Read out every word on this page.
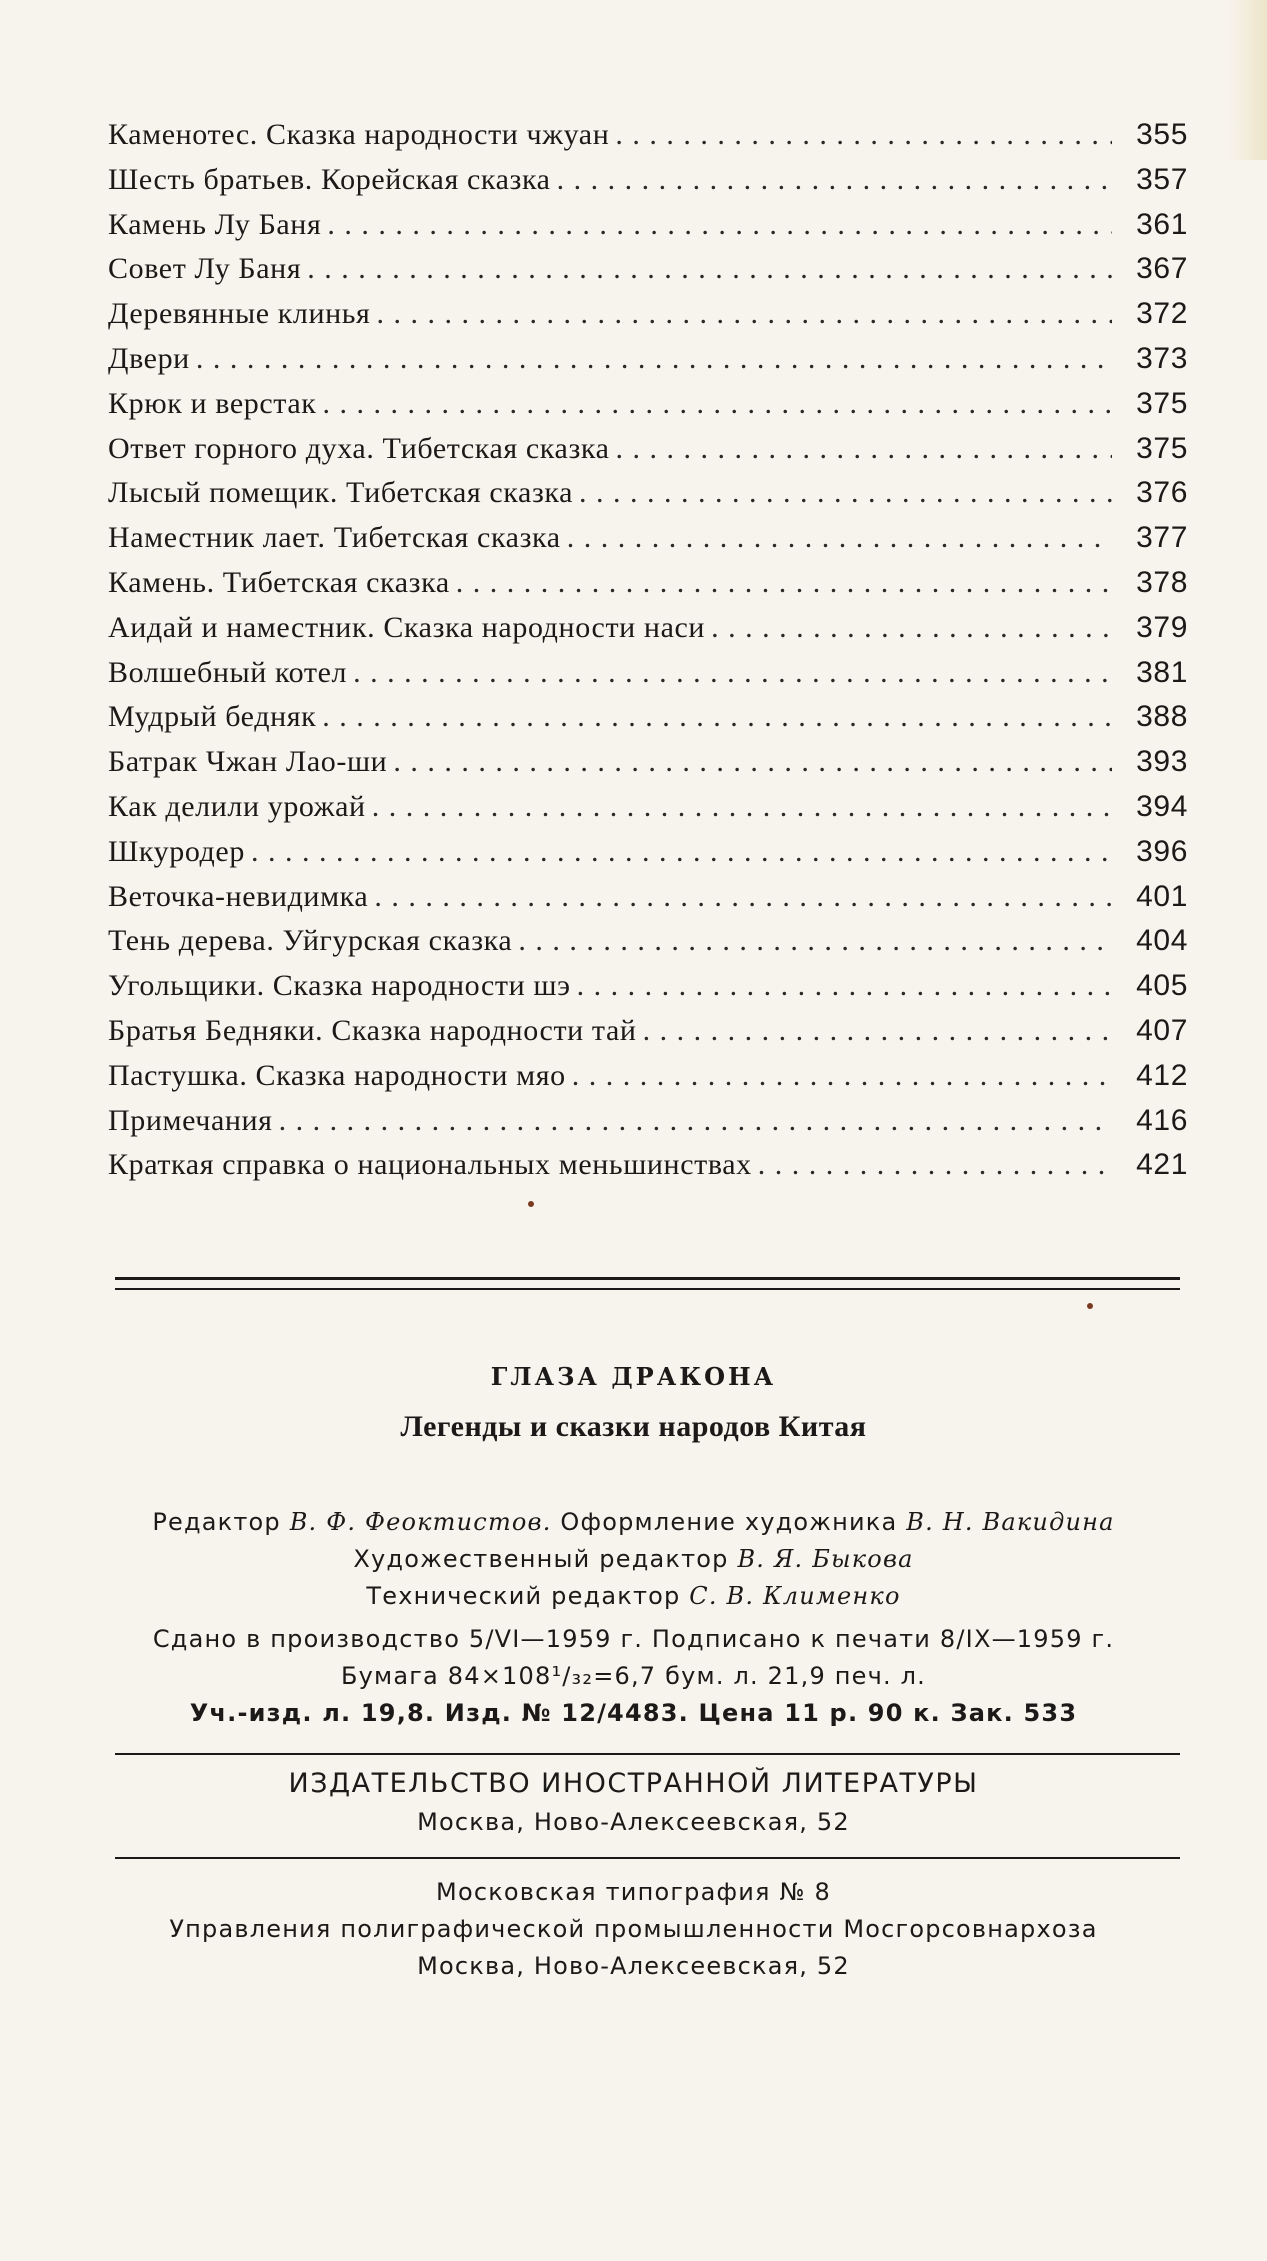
Каменотес. Сказка народности чжуан . . .	355
Шесть братьев. Корейская сказка . . .	357
Камень Лу Баня . . .	361
Совет Лу Баня . . .	367
Деревянные клинья . . .	372
Двери . . .	373
Крюк и верстак . . .	375
Ответ горного духа. Тибетская сказка . . .	375
Лысый помещик. Тибетская сказка . . .	376
Наместник лает. Тибетская сказка . . .	377
Камень. Тибетская сказка . . .	378
Аидай и наместник. Сказка народности наси . . .	379
Волшебный котел . . .	381
Мудрый бедняк . . .	388
Батрак Чжан Лао-ши . . .	393
Как делили урожай . . .	394
Шкуродер . . .	396
Веточка-невидимка . . .	401
Тень дерева. Уйгурская сказка . . .	404
Угольщики. Сказка народности шэ . . .	405
Братья Бедняки. Сказка народности тай . . .	407
Пастушка. Сказка народности мяо . . .	412
Примечания . . .	416
Краткая справка о национальных меньшинствах . . .	421
ГЛАЗА ДРАКОНА
Легенды и сказки народов Китая
Редактор В. Ф. Феоктистов. Оформление художника В. Н. Вакидина
Художественный редактор В. Я. Быкова
Технический редактор С. В. Клименко
Сдано в производство 5/VI—1959 г. Подписано к печати 8/IX—1959 г.
Бумага 84×108¹/₃₂=6,7 бум. л. 21,9 печ. л.
Уч.-изд. л. 19,8. Изд. № 12/4483. Цена 11 р. 90 к. Зак. 533
ИЗДАТЕЛЬСТВО ИНОСТРАННОЙ ЛИТЕРАТУРЫ
Москва, Ново-Алексеевская, 52
Московская типография № 8
Управления полиграфической промышленности Мосгорсовнархоза
Москва, Ново-Алексеевская, 52
